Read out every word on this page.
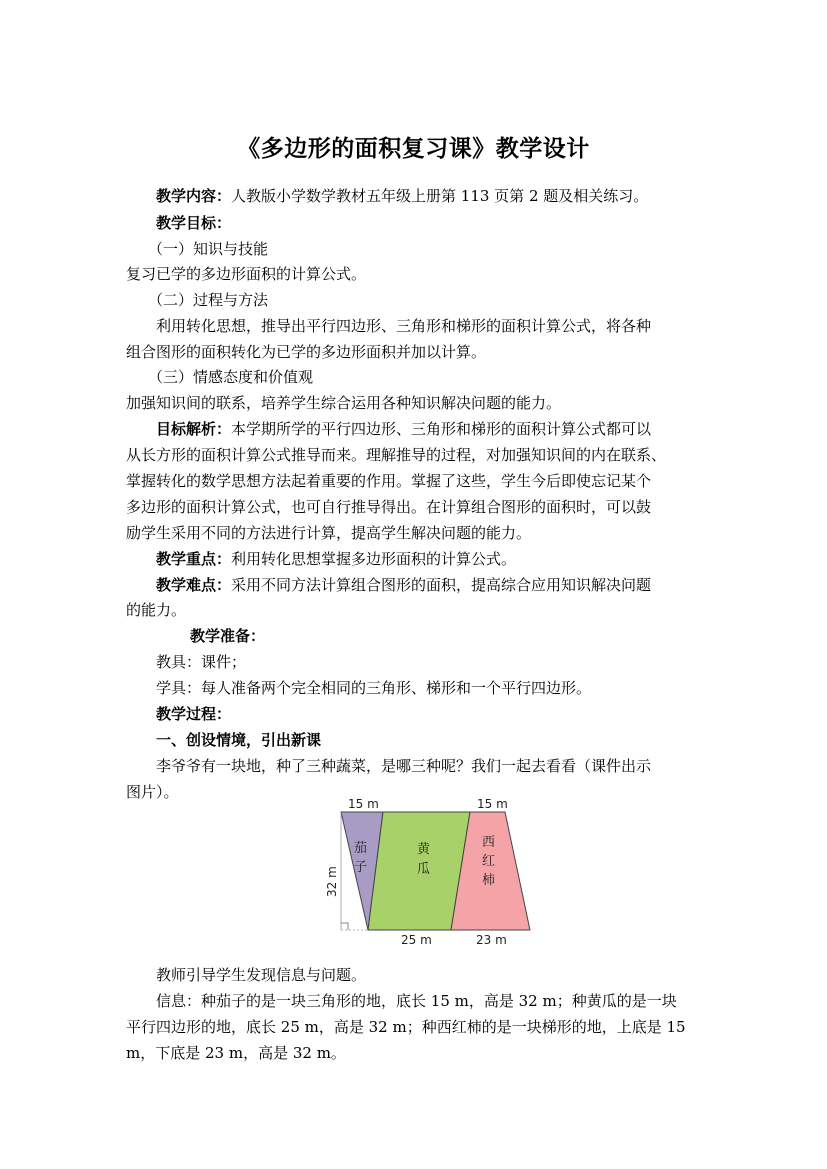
《多边形的面积复习课》教学设计
教学内容：人教版小学数学教材五年级上册第 113 页第 2 题及相关练习。
教学目标：
（一）知识与技能
复习已学的多边形面积的计算公式。
（二）过程与方法
利用转化思想，推导出平行四边形、三角形和梯形的面积计算公式，将各种
组合图形的面积转化为已学的多边形面积并加以计算。
（三）情感态度和价值观
加强知识间的联系，培养学生综合运用各种知识解决问题的能力。
目标解析：本学期所学的平行四边形、三角形和梯形的面积计算公式都可以
从长方形的面积计算公式推导而来。理解推导的过程，对加强知识间的内在联系、
掌握转化的数学思想方法起着重要的作用。掌握了这些，学生今后即使忘记某个
多边形的面积计算公式，也可自行推导得出。在计算组合图形的面积时，可以鼓
励学生采用不同的方法进行计算，提高学生解决问题的能力。
教学重点：利用转化思想掌握多边形面积的计算公式。
教学难点：采用不同方法计算组合图形的面积，提高综合应用知识解决问题
的能力。
教学准备：
教具：课件；
学具：每人准备两个完全相同的三角形、梯形和一个平行四边形。
教学过程：
一、创设情境，引出新课
李爷爷有一块地，种了三种蔬菜，是哪三种呢？我们一起去看看（课件出示
图片）。
15 m	15 m
25 m	23 m
32 m
茄
子
黄
瓜
西
红
柿
教师引导学生发现信息与问题。
信息：种茄子的是一块三角形的地，底长 15 m，高是 32 m；种黄瓜的是一块
平行四边形的地，底长 25 m，高是 32 m；种西红柿的是一块梯形的地，上底是 15
m，下底是 23 m，高是 32 m。
